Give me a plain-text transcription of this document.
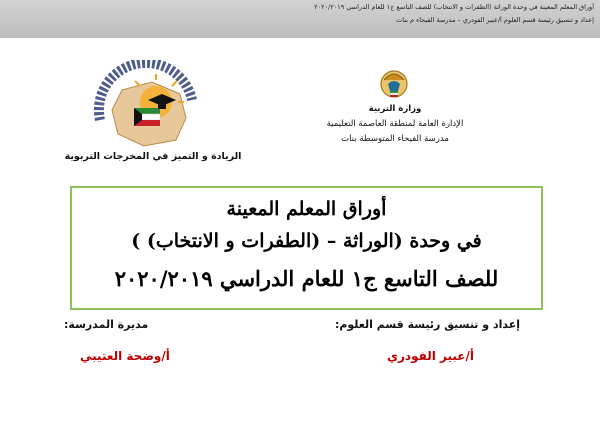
أوراق المعلم المعينة في وحدة الوراثة (الطفرات و الانتخاب) للصف التاسع ج١ للعام الدراسي ٢٠٢٠/٢٠١٩
إعداد و تنسيق رئيسة قسم العلوم أ/عبير الفودري – مدرسة الفيحاء م بنات
الريادة و التميز في المخرجات التربوية
وزارة التربية
الإدارة العامة لمنطقة العاصمة التعليمية
مدرسة الفيحاء المتوسطة بنات
أوراق المعلم المعينة
في وحدة (الوراثة – (الطفرات و الانتخاب) )
للصف التاسع ج١ للعام الدراسي ٢٠٢٠/٢٠١٩
إعداد و تنسيق رئيسة قسم العلوم:
مديرة المدرسة:
أ/عبير الفودري
أ/وضحة العتيبي
